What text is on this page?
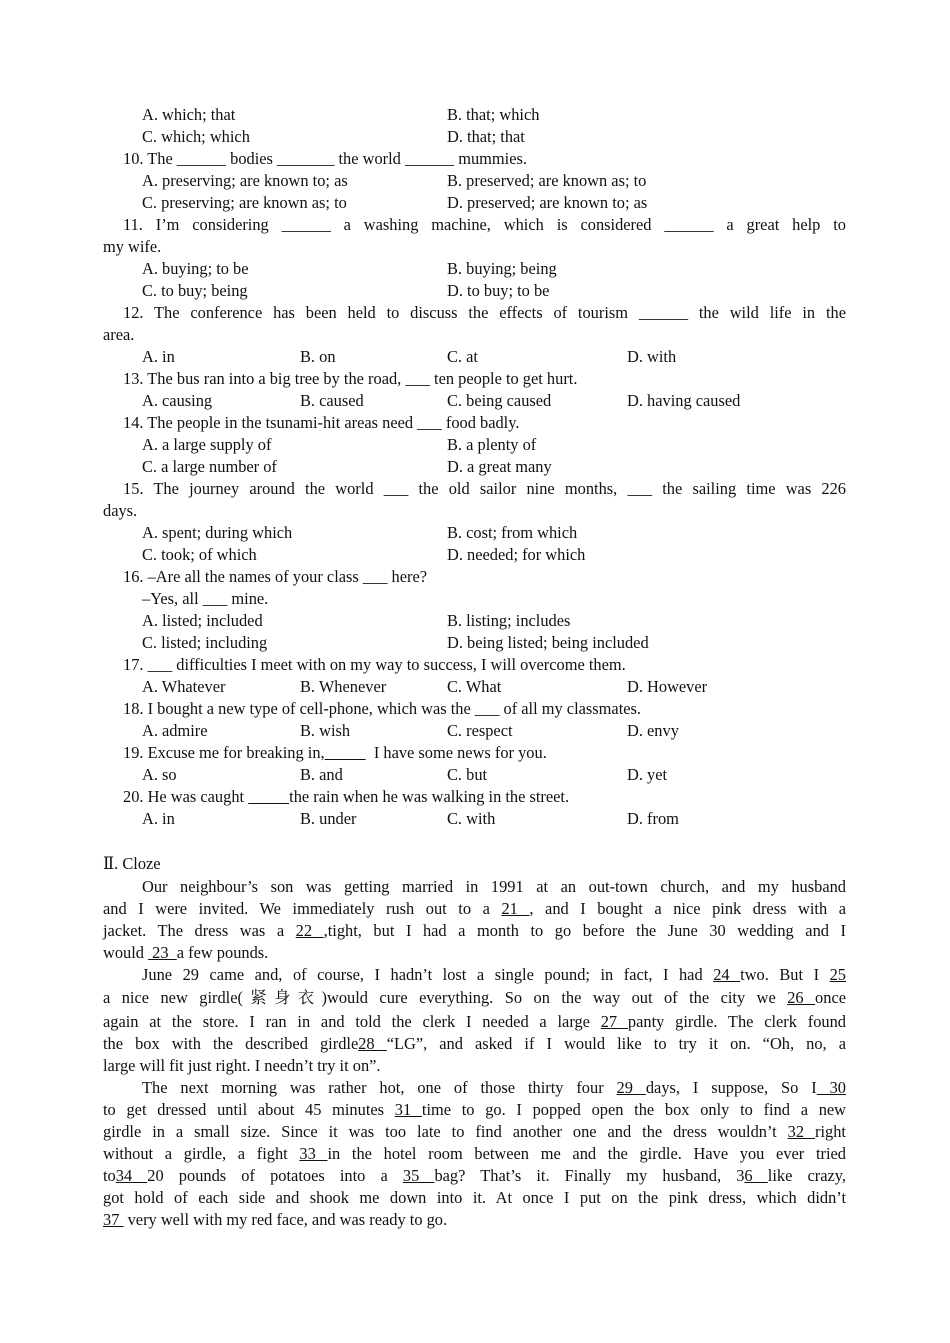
A. which; that	B. that; which
C. which; which	D. that; that
10. The ______ bodies _______ the world ______ mummies.
A. preserving; are known to; as	B. preserved; are known as; to
C. preserving; are known as; to	D. preserved; are known to; as
11. I’m considering ______ a washing machine, which is considered ______ a great help to
my wife.
A. buying; to be	B. buying; being
C. to buy; being	D. to buy; to be
12. The conference has been held to discuss the effects of tourism ______ the wild life in the
area.
A. in	B. on	C. at	D. with
13. The bus ran into a big tree by the road, ___ ten people to get hurt.
A. causing	B. caused	C. being caused	D. having caused
14. The people in the tsunami-hit areas need ___ food badly.
A. a large supply of	B. a plenty of
C. a large number of	D. a great many
15. The journey around the world ___ the old sailor nine months, ___ the sailing time was 226
days.
A. spent; during which	B. cost; from which
C. took; of which	D. needed; for which
16. –Are all the names of your class ___ here?
–Yes, all ___ mine.
A. listed; included	B. listing; includes
C. listed; including	D. being listed; being included
17. ___ difficulties I meet with on my way to success, I will overcome them.
A. Whatever	B. Whenever	C. What	D. However
18. I bought a new type of cell-phone, which was the ___ of all my classmates.
A. admire	B. wish	C. respect	D. envy
19. Excuse me for breaking in,            I have some news for you.
A. so	B. and	C. but	D. yet
20. He was caught           the rain when he was walking in the street.
A. in	B. under	C. with	D. from
Ⅱ. Cloze
Our neighbour’s son was getting married in 1991 at an out-town church, and my husband
and I were invited. We immediately rush out to a 21 , and I bought a nice pink dress with a
jacket. The dress was a 22 ,tight, but I had a month to go before the June 30 wedding and I
would  23  a few pounds.
June 29 came and, of course, I hadn’t lost a single pound; in fact, I had 24 two. But I 25
a nice new girdle(紧身衣)would cure everything. So on the way out of the city we 26 once
again at the store. I ran in and told the clerk I needed a large 27 panty girdle. The clerk found
the box with the described girdle28 “LG”, and asked if I would like to try it on. “Oh, no, a
large will fit just right. I needn’t try it on”.
The next morning was rather hot, one of those thirty four 29 days, I suppose, So I 30
to get dressed until about 45 minutes 31 time to go. I popped open the box only to find a new
girdle in a small size. Since it was too late to find another one and the dress wouldn’t 32 right
without a girdle, a fight 33 in the hotel room between me and the girdle. Have you ever tried
to34 20 pounds of potatoes into a 35 bag? That’s it. Finally my husband, 36 like crazy,
got hold of each side and shook me down into it. At once I put on the pink dress, which didn’t
37  very well with my red face, and was ready to go.
